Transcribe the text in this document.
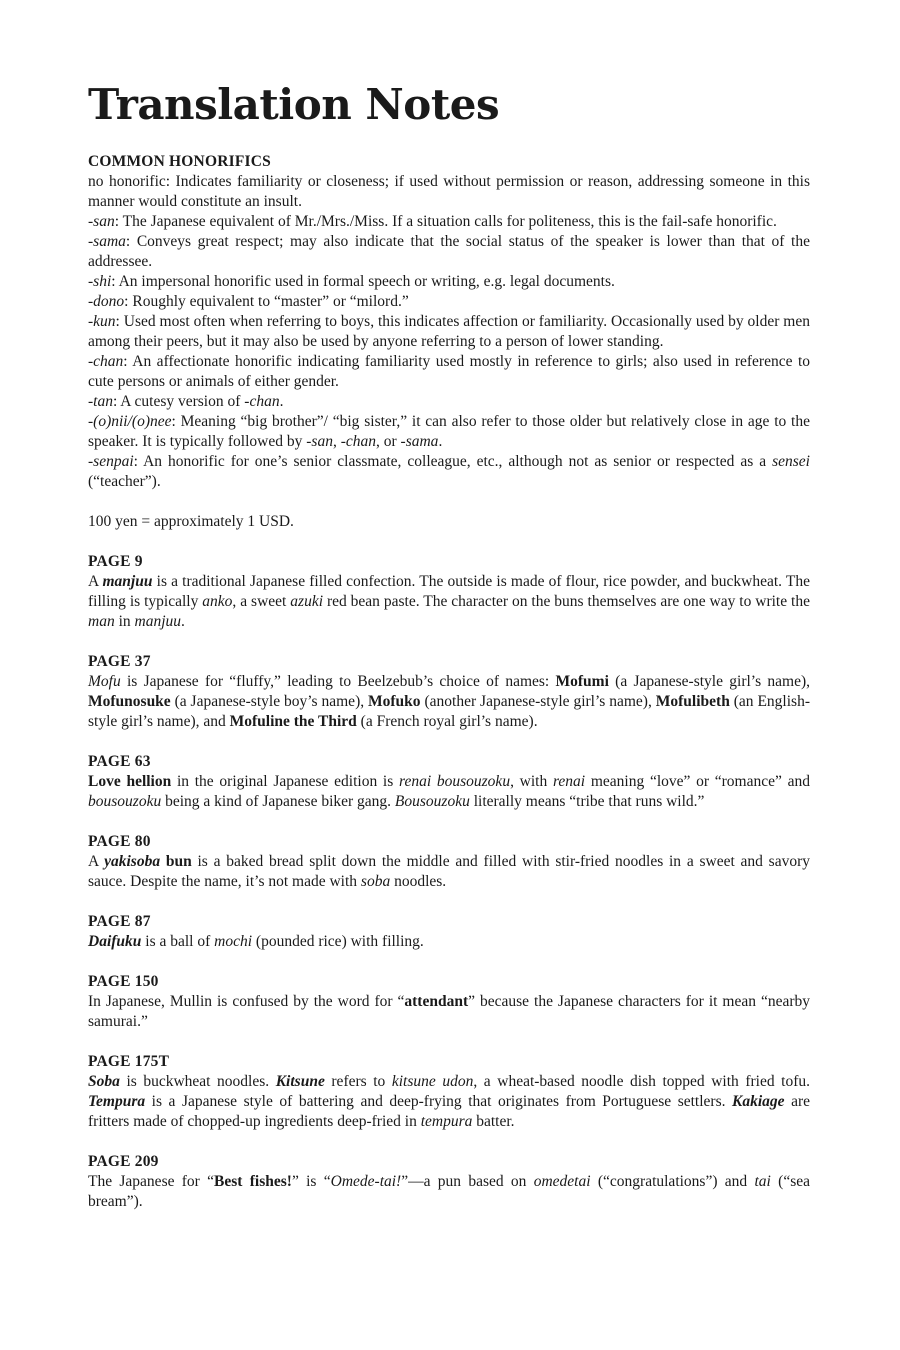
Translation Notes
COMMON HONORIFICS

no honorific: Indicates familiarity or closeness; if used without permission or reason, addressing someone in this manner would constitute an insult.

-san: The Japanese equivalent of Mr./Mrs./Miss. If a situation calls for politeness, this is the fail-safe honorific.

-sama: Conveys great respect; may also indicate that the social status of the speaker is lower than that of the addressee.

-shi: An impersonal honorific used in formal speech or writing, e.g. legal documents.

-dono: Roughly equivalent to “master” or “milord.”

-kun: Used most often when referring to boys, this indicates affection or familiarity. Occasionally used by older men among their peers, but it may also be used by anyone referring to a person of lower standing.

-chan: An affectionate honorific indicating familiarity used mostly in reference to girls; also used in reference to cute persons or animals of either gender.

-tan: A cutesy version of -chan.

-(o)nii/(o)nee: Meaning “big brother”/ “big sister,” it can also refer to those older but relatively close in age to the speaker. It is typically followed by -san, -chan, or -sama.

-senpai: An honorific for one’s senior classmate, colleague, etc., although not as senior or respected as a sensei (“teacher”).

100 yen = approximately 1 USD.

PAGE 9

A manjuu is a traditional Japanese filled confection. The outside is made of flour, rice powder, and buckwheat. The filling is typically anko, a sweet azuki red bean paste. The character on the buns themselves are one way to write the man in manjuu.

PAGE 37

Mofu is Japanese for “fluffy,” leading to Beelzebub’s choice of names: Mofumi (a Japanese-style girl’s name), Mofunosuke (a Japanese-style boy’s name), Mofuko (another Japanese-style girl’s name), Mofulibeth (an English-style girl’s name), and Mofuline the Third (a French royal girl’s name).

PAGE 63

Love hellion in the original Japanese edition is renai bousouzoku, with renai meaning “love” or “romance” and bousouzoku being a kind of Japanese biker gang. Bousouzoku literally means “tribe that runs wild.”

PAGE 80

A yakisoba bun is a baked bread split down the middle and filled with stir-fried noodles in a sweet and savory sauce. Despite the name, it’s not made with soba noodles.

PAGE 87

Daifuku is a ball of mochi (pounded rice) with filling.

PAGE 150

In Japanese, Mullin is confused by the word for “attendant” because the Japanese characters for it mean “nearby samurai.”

PAGE 175T

Soba is buckwheat noodles. Kitsune refers to kitsune udon, a wheat-based noodle dish topped with fried tofu. Tempura is a Japanese style of battering and deep-frying that originates from Portuguese settlers. Kakiage are fritters made of chopped-up ingredients deep-fried in tempura batter.

PAGE 209

The Japanese for “Best fishes!” is “Omede-tai!”—a pun based on omedetai (“congratulations”) and tai (“sea bream”).
